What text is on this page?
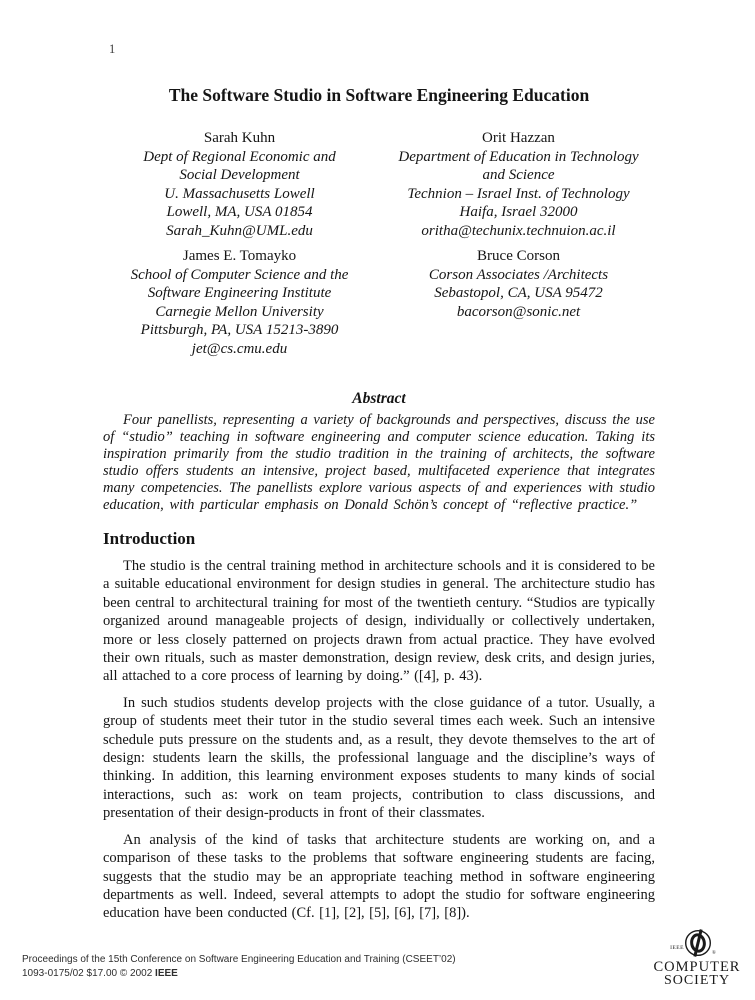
1
The Software Studio in Software Engineering Education
Sarah Kuhn
Dept of Regional Economic and
Social Development
U. Massachusetts Lowell
Lowell, MA, USA 01854
Sarah_Kuhn@UML.edu
Orit Hazzan
Department of Education in Technology
and Science
Technion – Israel Inst. of Technology
Haifa, Israel 32000
oritha@techunix.technuion.ac.il
James E. Tomayko
School of Computer Science and the
Software Engineering Institute
Carnegie Mellon University
Pittsburgh, PA, USA 15213-3890
jet@cs.cmu.edu
Bruce Corson
Corson Associates /Architects
Sebastopol, CA, USA 95472
bacorson@sonic.net
Abstract
Four panellists, representing a variety of backgrounds and perspectives, discuss the use of “studio” teaching in software engineering and computer science education. Taking its inspiration primarily from the studio tradition in the training of architects, the software studio offers students an intensive, project based, multifaceted experience that integrates many competencies. The panellists explore various aspects of and experiences with studio education, with particular emphasis on Donald Schön’s concept of “reflective practice.”
Introduction

The studio is the central training method in architecture schools and it is considered to be a suitable educational environment for design studies in general. The architecture studio has been central to architectural training for most of the twentieth century. “Studios are typically organized around manageable projects of design, individually or collectively undertaken, more or less closely patterned on projects drawn from actual practice. They have evolved their own rituals, such as master demonstration, design review, desk crits, and design juries, all attached to a core process of learning by doing.” ([4], p. 43).

In such studios students develop projects with the close guidance of a tutor. Usually, a group of students meet their tutor in the studio several times each week. Such an intensive schedule puts pressure on the students and, as a result, they devote themselves to the art of design: students learn the skills, the professional language and the discipline’s ways of thinking. In addition, this learning environment exposes students to many kinds of social interactions, such as: work on team projects, contribution to class discussions, and presentation of their design-products in front of their classmates.

An analysis of the kind of tasks that architecture students are working on, and a comparison of these tasks to the problems that software engineering students are facing, suggests that the studio may be an appropriate teaching method in software engineering departments as well. Indeed, several attempts to adopt the studio for software engineering education have been conducted (Cf. [1], [2], [5], [6], [7], [8]).

Proceedings of the 15th Conference on Software Engineering Education and Training (CSEET’02)
1093-0175/02 $17.00 © 2002 IEEE
IEEE
®
COMPUTER
SOCIETY
